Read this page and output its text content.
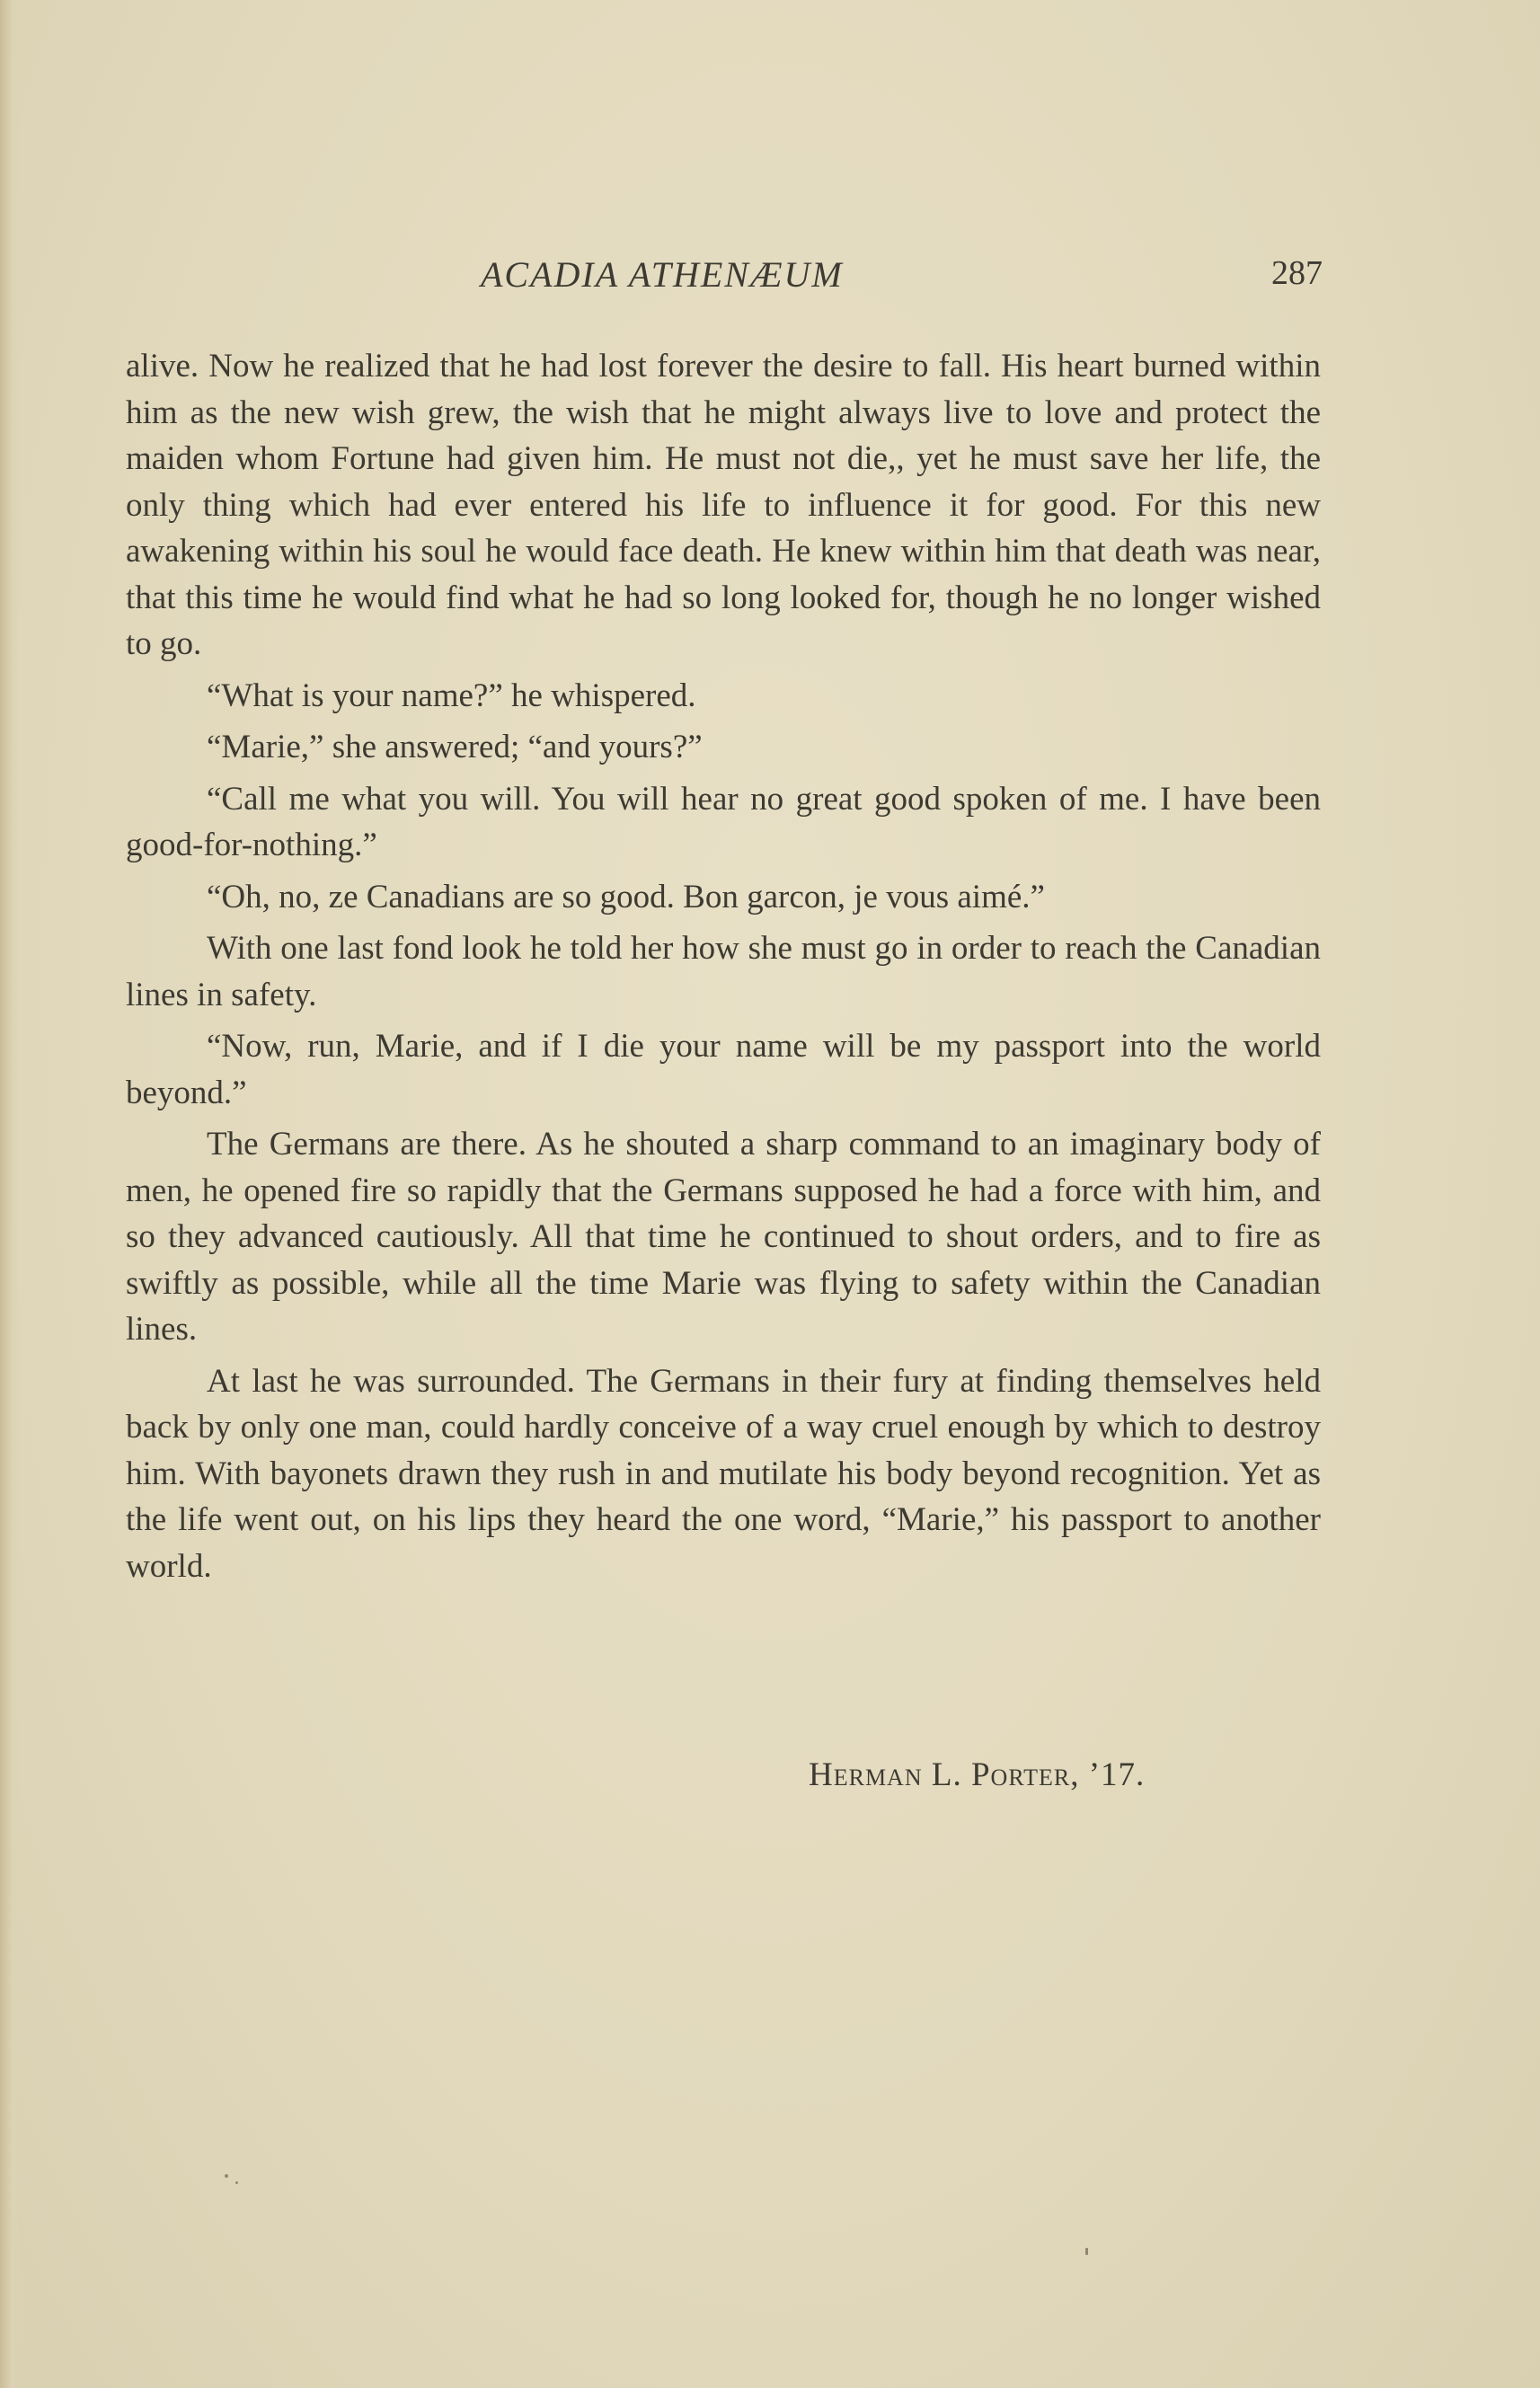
ACADIA ATHENÆUM	287

alive. Now he realized that he had lost forever the desire to fall. His heart burned within him as the new wish grew, the wish that he might always live to love and protect the maiden whom Fortune had given him. He must not die,, yet he must save her life, the only thing which had ever entered his life to influence it for good. For this new awakening within his soul he would face death. He knew within him that death was near, that this time he would find what he had so long looked for, though he no longer wished to go.

“What is your name?” he whispered.

“Marie,” she answered; “and yours?”

“Call me what you will. You will hear no great good spoken of me. I have been good-for-nothing.”

“Oh, no, ze Canadians are so good. Bon garcon, je vous aimé.”

With one last fond look he told her how she must go in order to reach the Canadian lines in safety.

“Now, run, Marie, and if I die your name will be my passport into the world beyond.”

The Germans are there. As he shouted a sharp command to an imaginary body of men, he opened fire so rapidly that the Germans supposed he had a force with him, and so they advanced cautiously. All that time he continued to shout orders, and to fire as swiftly as possible, while all the time Marie was flying to safety within the Canadian lines.

At last he was surrounded. The Germans in their fury at finding themselves held back by only one man, could hardly conceive of a way cruel enough by which to destroy him. With bayonets drawn they rush in and mutilate his body beyond recognition. Yet as the life went out, on his lips they heard the one word, “Marie,” his passport to another world.

Herman L. Porter, ’17.
